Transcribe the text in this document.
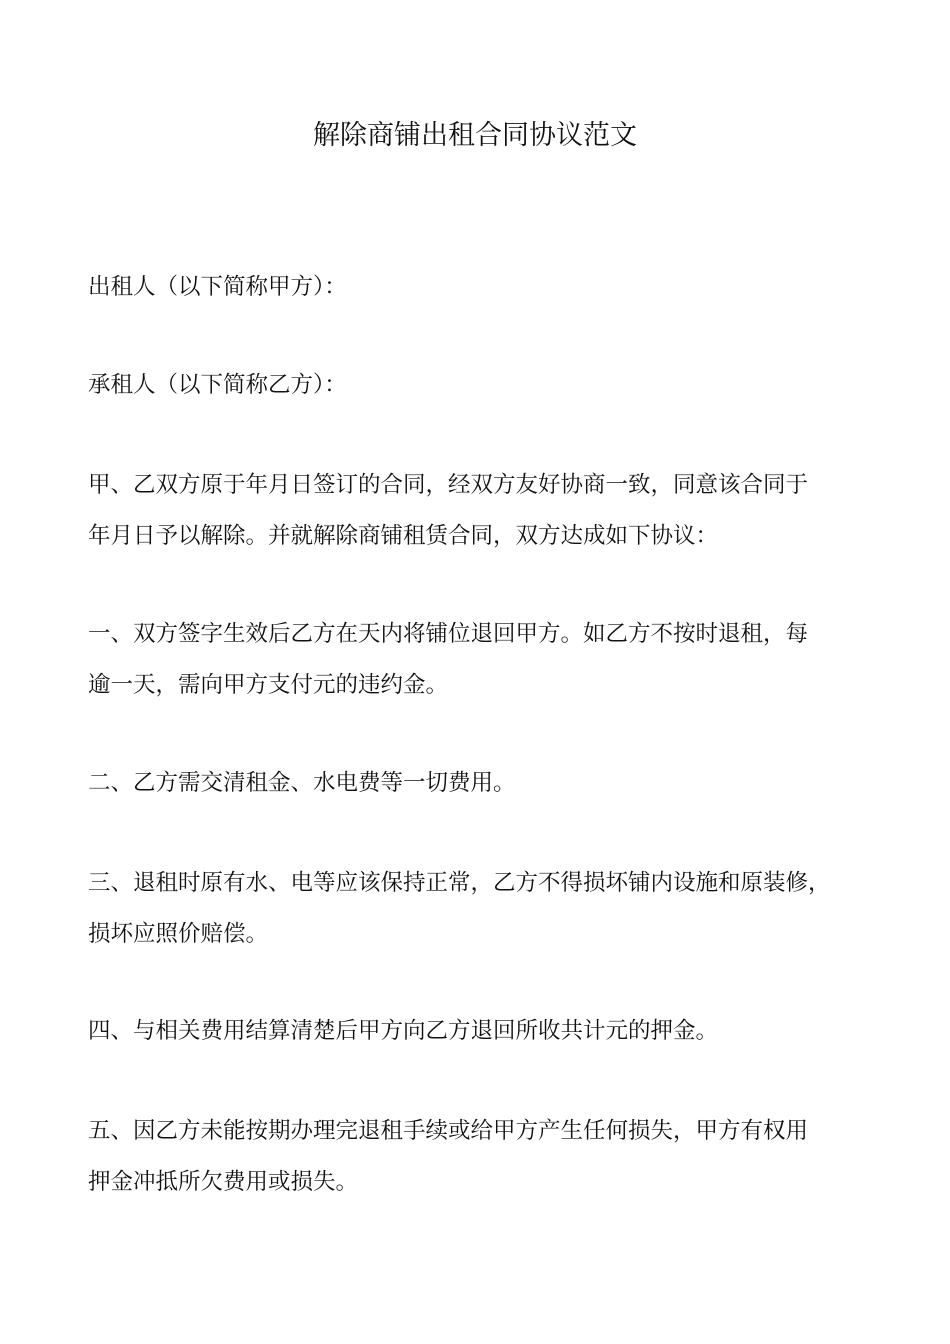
解除商铺出租合同协议范文

出租人（以下简称甲方）：

承租人（以下简称乙方）：

甲、乙双方原于年月日签订的合同，经双方友好协商一致，同意该合同于
年月日予以解除。并就解除商铺租赁合同，双方达成如下协议：

一、双方签字生效后乙方在天内将铺位退回甲方。如乙方不按时退租，每
逾一天，需向甲方支付元的违约金。

二、乙方需交清租金、水电费等一切费用。

三、退租时原有水、电等应该保持正常，乙方不得损坏铺内设施和原装修，
损坏应照价赔偿。

四、与相关费用结算清楚后甲方向乙方退回所收共计元的押金。

五、因乙方未能按期办理完退租手续或给甲方产生任何损失，甲方有权用
押金冲抵所欠费用或损失。
